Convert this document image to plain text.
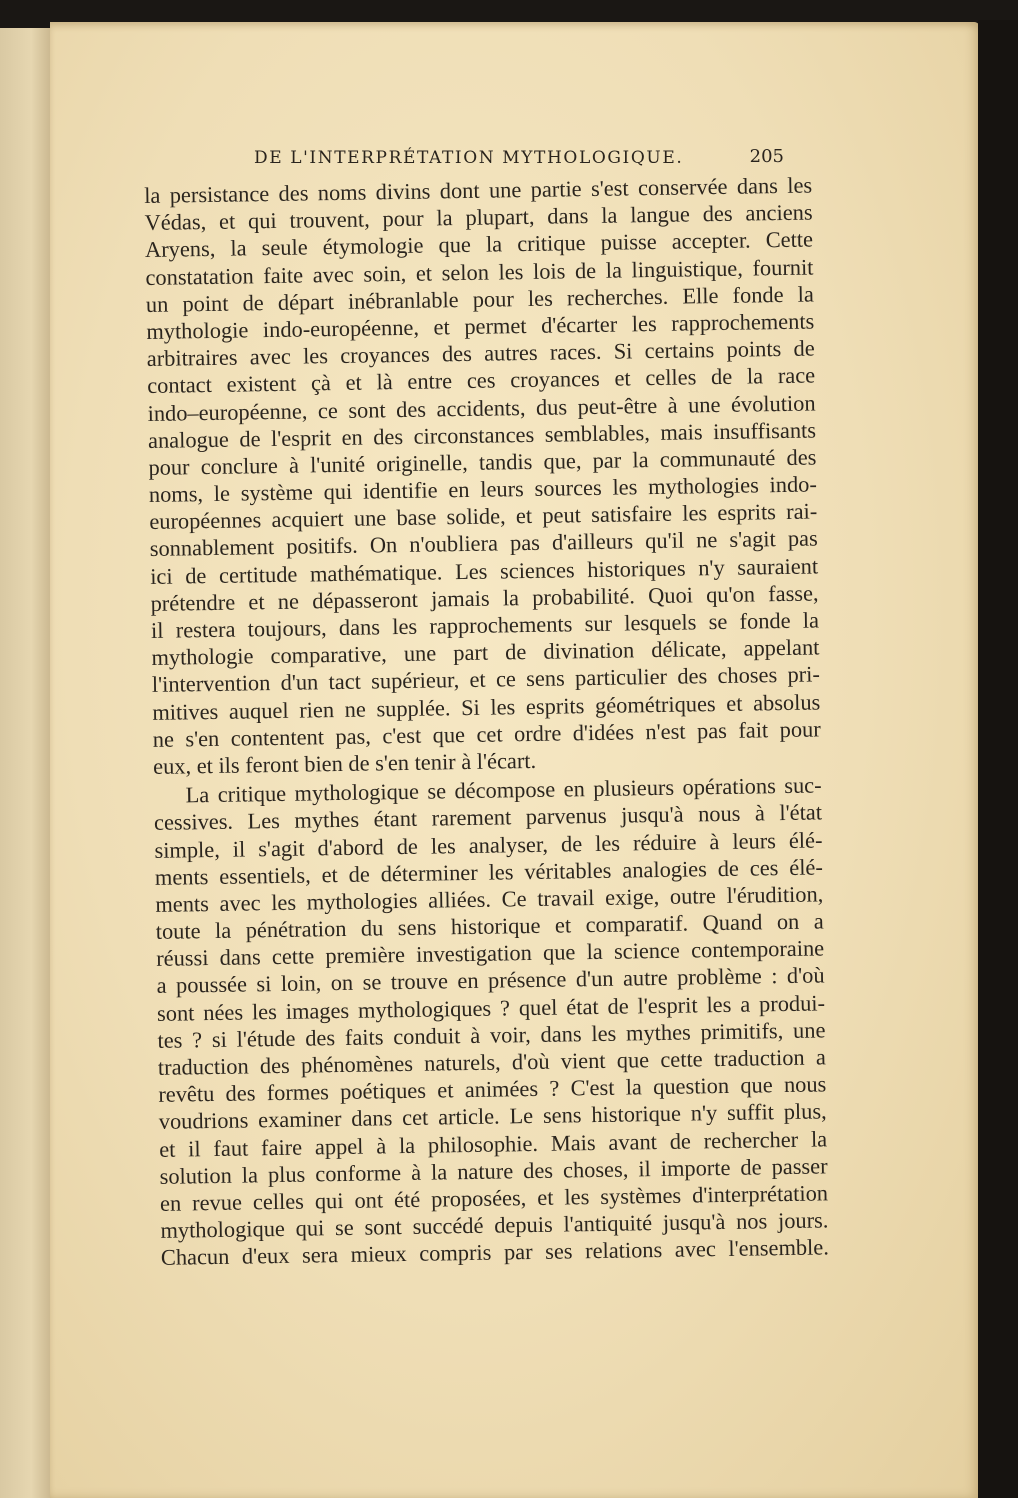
DE L'INTERPRÉTATION MYTHOLOGIQUE.	205
la persistance des noms divins dont une partie s'est conservée dans les
Védas, et qui trouvent, pour la plupart, dans la langue des anciens
Aryens, la seule étymologie que la critique puisse accepter. Cette
constatation faite avec soin, et selon les lois de la linguistique, fournit
un point de départ inébranlable pour les recherches. Elle fonde la
mythologie indo-européenne, et permet d'écarter les rapprochements
arbitraires avec les croyances des autres races. Si certains points de
contact existent çà et là entre ces croyances et celles de la race
indo–européenne, ce sont des accidents, dus peut-être à une évolution
analogue de l'esprit en des circonstances semblables, mais insuffisants
pour conclure à l'unité originelle, tandis que, par la communauté des
noms, le système qui identifie en leurs sources les mythologies indo-
européennes acquiert une base solide, et peut satisfaire les esprits rai-
sonnablement positifs. On n'oubliera pas d'ailleurs qu'il ne s'agit pas
ici de certitude mathématique. Les sciences historiques n'y sauraient
prétendre et ne dépasseront jamais la probabilité. Quoi qu'on fasse,
il restera toujours, dans les rapprochements sur lesquels se fonde la
mythologie comparative, une part de divination délicate, appelant
l'intervention d'un tact supérieur, et ce sens particulier des choses pri-
mitives auquel rien ne supplée. Si les esprits géométriques et absolus
ne s'en contentent pas, c'est que cet ordre d'idées n'est pas fait pour
eux, et ils feront bien de s'en tenir à l'écart.
La critique mythologique se décompose en plusieurs opérations suc-
cessives. Les mythes étant rarement parvenus jusqu'à nous à l'état
simple, il s'agit d'abord de les analyser, de les réduire à leurs élé-
ments essentiels, et de déterminer les véritables analogies de ces élé-
ments avec les mythologies alliées. Ce travail exige, outre l'érudition,
toute la pénétration du sens historique et comparatif. Quand on a
réussi dans cette première investigation que la science contemporaine
a poussée si loin, on se trouve en présence d'un autre problème : d'où
sont nées les images mythologiques ? quel état de l'esprit les a produi-
tes ? si l'étude des faits conduit à voir, dans les mythes primitifs, une
traduction des phénomènes naturels, d'où vient que cette traduction a
revêtu des formes poétiques et animées ? C'est la question que nous
voudrions examiner dans cet article. Le sens historique n'y suffit plus,
et il faut faire appel à la philosophie. Mais avant de rechercher la
solution la plus conforme à la nature des choses, il importe de passer
en revue celles qui ont été proposées, et les systèmes d'interprétation
mythologique qui se sont succédé depuis l'antiquité jusqu'à nos jours.
Chacun d'eux sera mieux compris par ses relations avec l'ensemble.
